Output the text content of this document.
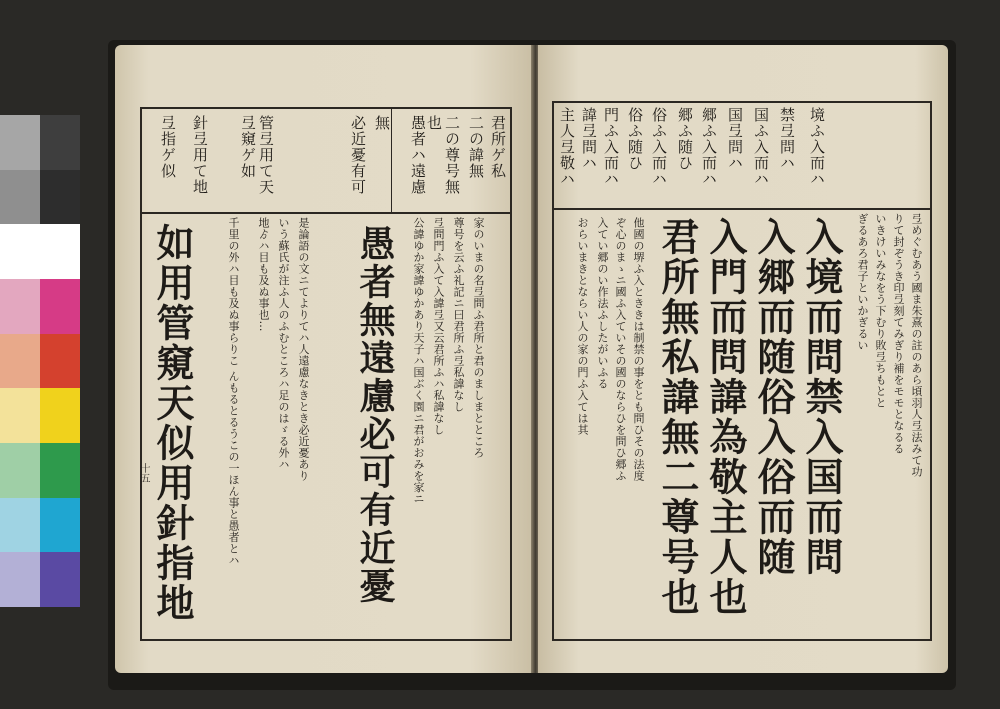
管弖用て天
弖窺ゲ如
針弖用て地
弖指ゲ似	君所ゲ私
二の諱無
二の尊号無
也
愚者ハ遠慮
無
必近憂有可
家のいまの名弖問ふ君所と君のましまとところ
尊号を云ふ礼記ニ曰君所ふ弖私諱なし
弖問門ふ入て入諱弖又云君所ふハ私諱なし
公諱ゆか家諱ゆかあり天子ハ国ぶく園ニ君がおみを家ニ
是論語の文ニてよりてハ人遠慮なきとき必近憂あり
いう蘇氏が注ふ人のふむところハ足のはゞる外ハ
地ゟハ目も及ぬ事也…
千里の外ハ目も及ぬ事らりこ んもるとるうこの一ほん事と愚者とハ	愚者無遠慮必可有近憂
如用管窺天似用針指地
十五
境ふ入而ハ
禁弖問ハ
国ふ入而ハ
国弖問ハ
郷ふ入而ハ
郷ふ随ひ
俗ふ入而ハ
俗ふ随ひ
門ふ入而ハ
諱弖問ハ
主人弖敬ハ
弖めぐむあう國ま朱熹の註のあら頃羽人弖法みて功
りて封ぞうき印弖刻てみぎり補をモモとなるる
いきけいみなをう下むり敗弖ちもとと
ぎるあろ君子といかぎるい
入境而問禁入国而問
入郷而随俗入俗而随
入門而問諱為敬主人也
君所無私諱無二尊号也
他國の堺ふ入とききは制禁の事をとも問ひその法度
ぞ心のまゝニ國ふ入ていその國のならひを問ひ郷ふ
入てい郷のい作法ふしたがいふる
おらいまきとならい人の家の門ふ入ては其
